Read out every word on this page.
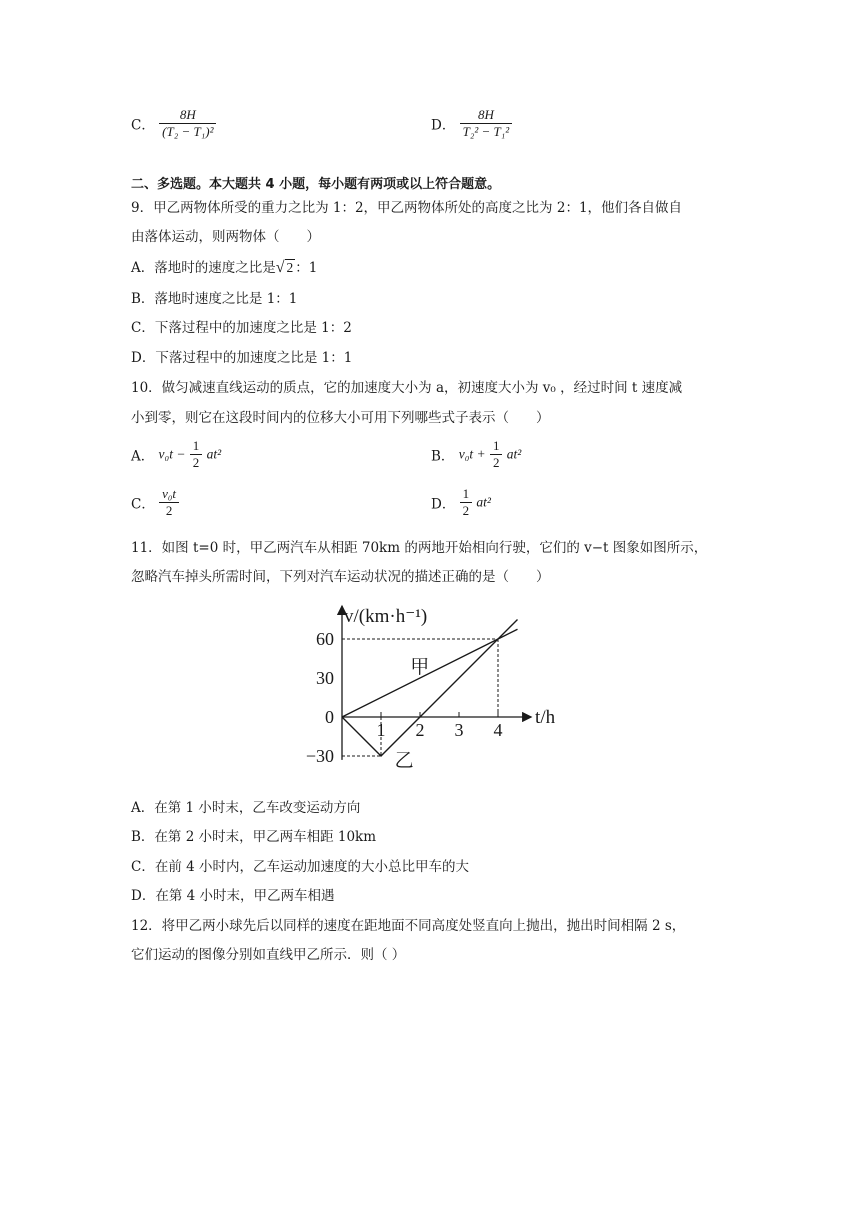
C． $\frac{8H}{\text{(T₂ − T₁)²}}$	D． $\frac{8H}{\text{T₂² − T₁²}}$
二、多选题。本大题共 4 小题，每小题有两项或以上符合题意。
9．甲乙两物体所受的重力之比为 1：2，甲乙两物体所处的高度之比为 2：1，他们各自做自
由落体运动，则两物体（　　）
A．落地时的速度之比是√ 2 ：1
B．落地时速度之比是 1：1
C．下落过程中的加速度之比是 1：2
D．下落过程中的加速度之比是 1：1
10．做匀减速直线运动的质点，它的加速度大小为 a，初速度大小为 v₀ ，经过时间 t 速度减
小到零，则它在这段时间内的位移大小可用下列哪些式子表示（　　）
A． $v_0t - \frac{1}{2} at^2$	B． $v_0t + \frac{1}{2} at^2$
C． $\frac{\text{v₀t}}{2}$	D． $\frac{1}{2} at^2$
11．如图 t=0 时，甲乙两汽车从相距 70km 的两地开始相向行驶，它们的 v−t 图象如图所示，
忽略汽车掉头所需时间，下列对汽车运动状况的描述正确的是（　　）
1 2 3 4
60
30
0
−30
甲
乙
v/(km·h⁻¹)
t/h
A．在第 1 小时末，乙车改变运动方向
B．在第 2 小时末，甲乙两车相距 10km
C．在前 4 小时内，乙车运动加速度的大小总比甲车的大
D．在第 4 小时末，甲乙两车相遇
12．将甲乙两小球先后以同样的速度在距地面不同高度处竖直向上抛出，抛出时间相隔 2 s，
它们运动的图像分别如直线甲乙所示．则（ ）
